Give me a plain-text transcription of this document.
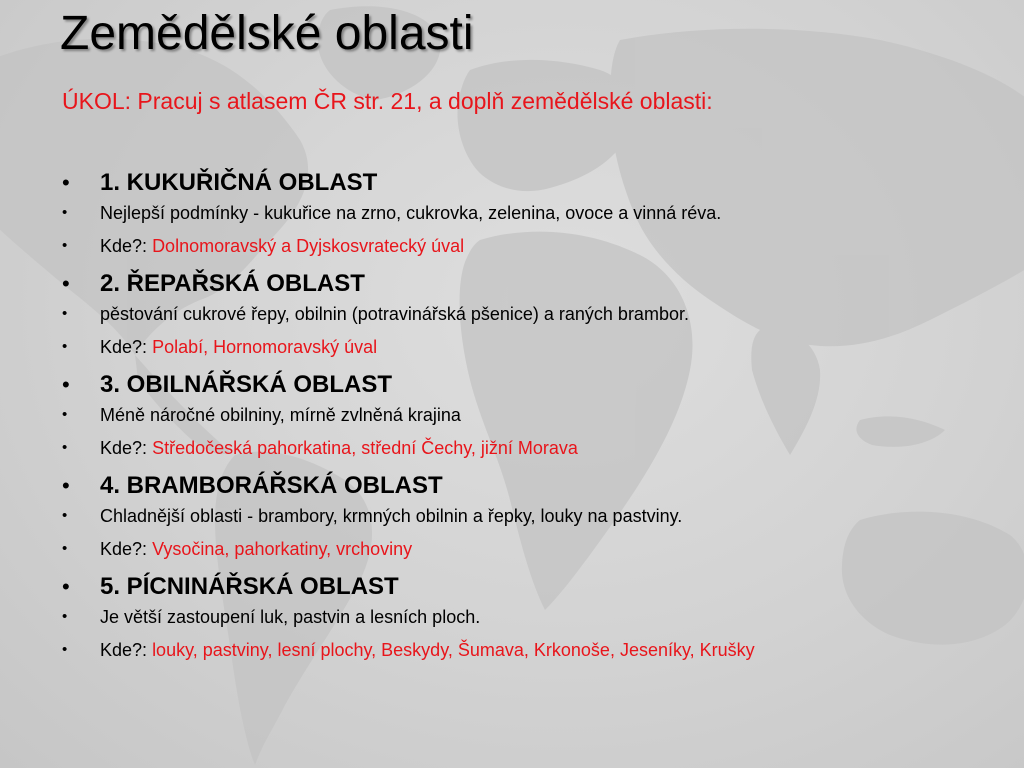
Zemědělské oblasti

ÚKOL: Pracuj s atlasem ČR str. 21, a doplň zemědělské oblasti:

• 1. KUKUŘIČNÁ OBLAST
• Nejlepší podmínky - kukuřice na zrno, cukrovka, zelenina, ovoce a vinná réva.
• Kde?: Dolnomoravský a Dyjskosvratecký úval
• 2. ŘEPAŘSKÁ OBLAST
• pěstování cukrové řepy, obilnin (potravinářská pšenice) a raných brambor.
• Kde?: Polabí, Hornomoravský úval
• 3. OBILNÁŘSKÁ OBLAST
• Méně náročné obilniny, mírně zvlněná krajina
• Kde?: Středočeská pahorkatina, střední Čechy, jižní Morava
• 4. BRAMBORÁŘSKÁ OBLAST
• Chladnější oblasti - brambory, krmných obilnin a řepky, louky na pastviny.
• Kde?: Vysočina, pahorkatiny, vrchoviny
• 5. PÍCNINÁŘSKÁ OBLAST
• Je větší zastoupení luk, pastvin a lesních ploch.
• Kde?: louky, pastviny, lesní plochy, Beskydy, Šumava, Krkonoše, Jeseníky, Krušky
